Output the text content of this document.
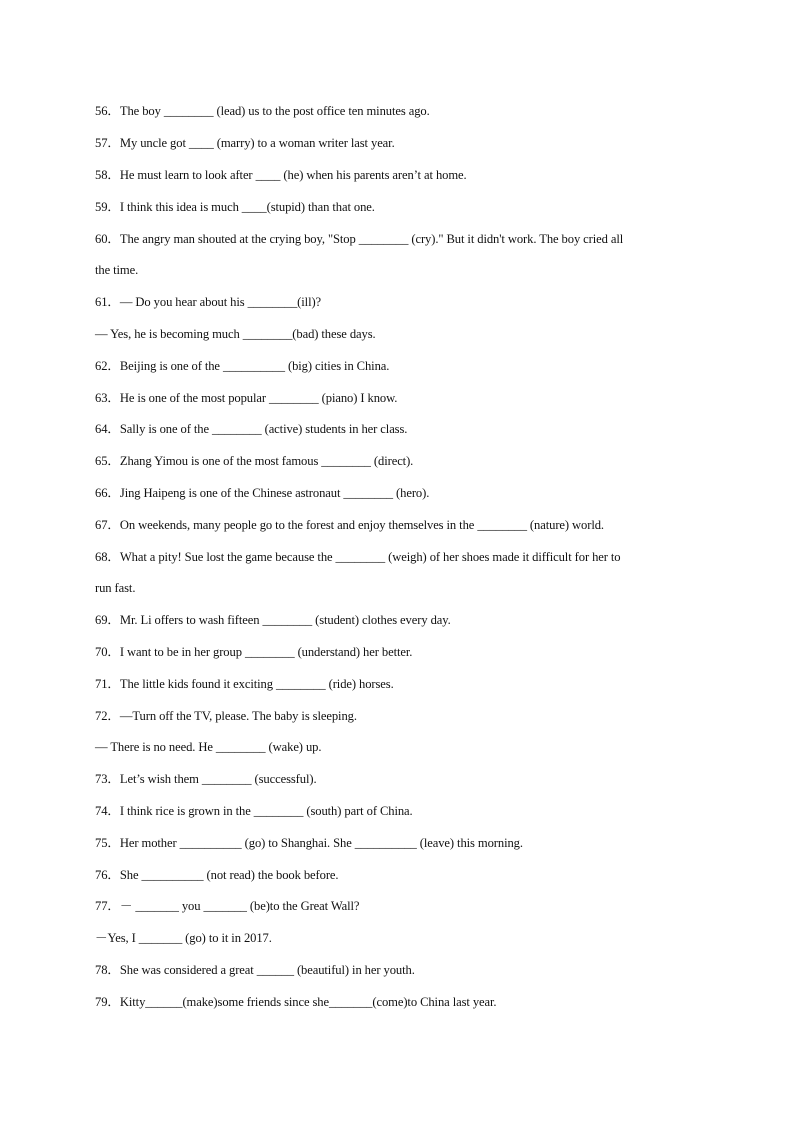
56．The boy ________ (lead) us to the post office ten minutes ago.
57．My uncle got ____ (marry) to a woman writer last year.
58．He must learn to look after ____ (he) when his parents aren’t at home.
59．I think this idea is much ____(stupid) than that one.
60．The angry man shouted at the crying boy, "Stop ________ (cry)." But it didn't work. The boy cried all
the time.
61．— Do you hear about his ________(ill)?
— Yes, he is becoming much ________(bad) these days.
62．Beijing is one of the __________ (big) cities in China.
63．He is one of the most popular ________ (piano) I know.
64．Sally is one of the ________ (active) students in her class.
65．Zhang Yimou is one of the most famous ________ (direct).
66．Jing Haipeng is one of the Chinese astronaut ________ (hero).
67．On weekends, many people go to the forest and enjoy themselves in the ________ (nature) world.
68．What a pity! Sue lost the game because the ________ (weigh) of her shoes made it difficult for her to
run fast.
69．Mr. Li offers to wash fifteen ________ (student) clothes every day.
70．I want to be in her group ________ (understand) her better.
71．The little kids found it exciting ________ (ride) horses.
72．—Turn off the TV, please. The baby is sleeping.
— There is no need. He ________ (wake) up.
73．Let’s wish them ________ (successful).
74．I think rice is grown in the ________ (south) part of China.
75．Her mother __________ (go) to Shanghai. She __________ (leave) this morning.
76．She __________ (not read) the book before.
77．－ _______ you _______ (be)to the Great Wall?
－Yes, I _______ (go) to it in 2017.
78．She was considered a great ______ (beautiful) in her youth.
79．Kitty______(make)some friends since she_______(come)to China last year.
